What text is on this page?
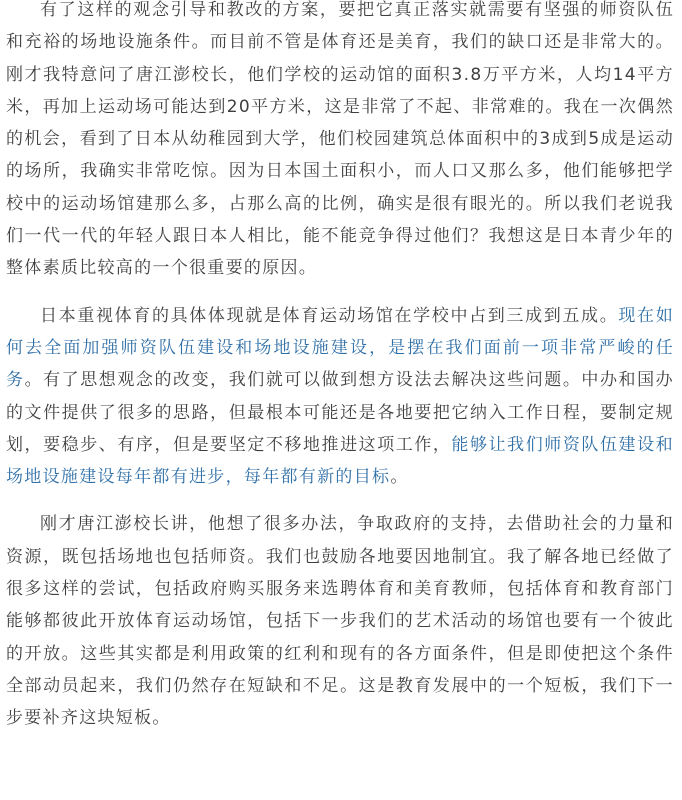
有了这样的观念引导和教改的方案，要把它真正落实就需要有坚强的师资队伍和充裕的场地设施条件。而目前不管是体育还是美育，我们的缺口还是非常大的。刚才我特意问了唐江澎校长，他们学校的运动馆的面积3.8万平方米，人均14平方米，再加上运动场可能达到20平方米，这是非常了不起、非常难的。我在一次偶然的机会，看到了日本从幼稚园到大学，他们校园建筑总体面积中的3成到5成是运动的场所，我确实非常吃惊。因为日本国土面积小，而人口又那么多，他们能够把学校中的运动场馆建那么多，占那么高的比例，确实是很有眼光的。所以我们老说我们一代一代的年轻人跟日本人相比，能不能竞争得过他们？我想这是日本青少年的整体素质比较高的一个很重要的原因。

日本重视体育的具体体现就是体育运动场馆在学校中占到三成到五成。现在如何去全面加强师资队伍建设和场地设施建设，是摆在我们面前一项非常严峻的任务。有了思想观念的改变，我们就可以做到想方设法去解决这些问题。中办和国办的文件提供了很多的思路，但最根本可能还是各地要把它纳入工作日程，要制定规划，要稳步、有序，但是要坚定不移地推进这项工作，能够让我们师资队伍建设和场地设施建设每年都有进步，每年都有新的目标。

刚才唐江澎校长讲，他想了很多办法，争取政府的支持，去借助社会的力量和资源，既包括场地也包括师资。我们也鼓励各地要因地制宜。我了解各地已经做了很多这样的尝试，包括政府购买服务来选聘体育和美育教师，包括体育和教育部门能够都彼此开放体育运动场馆，包括下一步我们的艺术活动的场馆也要有一个彼此的开放。这些其实都是利用政策的红利和现有的各方面条件，但是即使把这个条件全部动员起来，我们仍然存在短缺和不足。这是教育发展中的一个短板，我们下一步要补齐这块短板。
